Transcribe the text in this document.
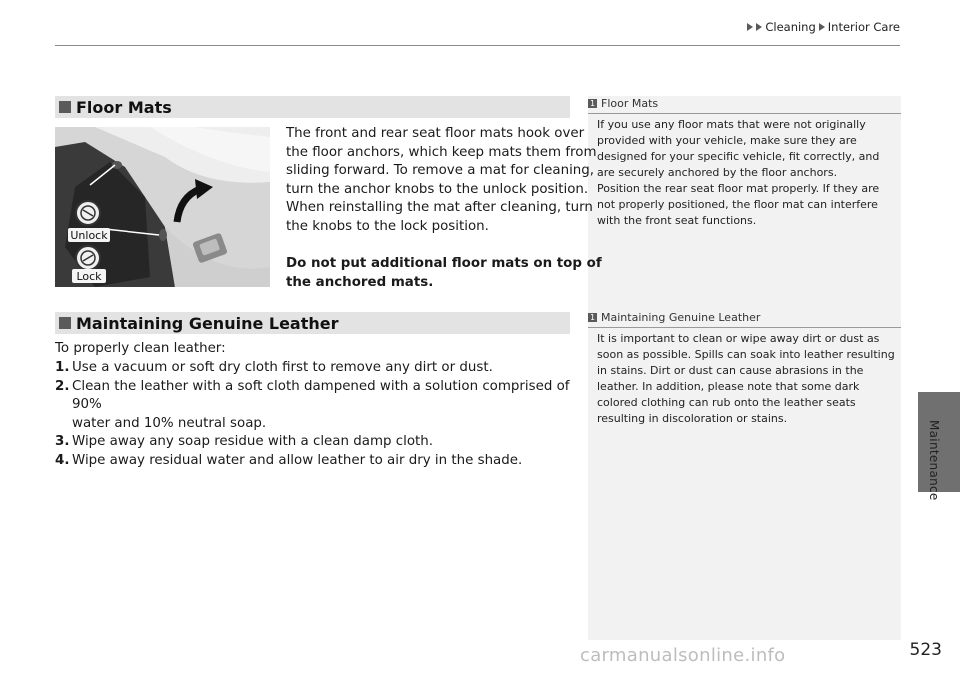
Cleaning Interior Care
Maintenance
Floor Mats
Unlock
Lock
The front and rear seat floor mats hook over
the floor anchors, which keep mats them from
sliding forward. To remove a mat for cleaning,
turn the anchor knobs to the unlock position.
When reinstalling the mat after cleaning, turn
the knobs to the lock position.
Do not put additional floor mats on top of
the anchored mats.
Maintaining Genuine Leather
To properly clean leather:
1. Use a vacuum or soft dry cloth first to remove any dirt or dust.
2. Clean the leather with a soft cloth dampened with a solution comprised of 90%
water and 10% neutral soap.
3. Wipe away any soap residue with a clean damp cloth.
4. Wipe away residual water and allow leather to air dry in the shade.
1 Floor Mats
If you use any floor mats that were not originally
provided with your vehicle, make sure they are
designed for your specific vehicle, fit correctly, and
are securely anchored by the floor anchors.
Position the rear seat floor mat properly. If they are
not properly positioned, the floor mat can interfere
with the front seat functions.
1 Maintaining Genuine Leather
It is important to clean or wipe away dirt or dust as
soon as possible. Spills can soak into leather resulting
in stains. Dirt or dust can cause abrasions in the
leather. In addition, please note that some dark
colored clothing can rub onto the leather seats
resulting in discoloration or stains.
523
carmanualsonline.info
